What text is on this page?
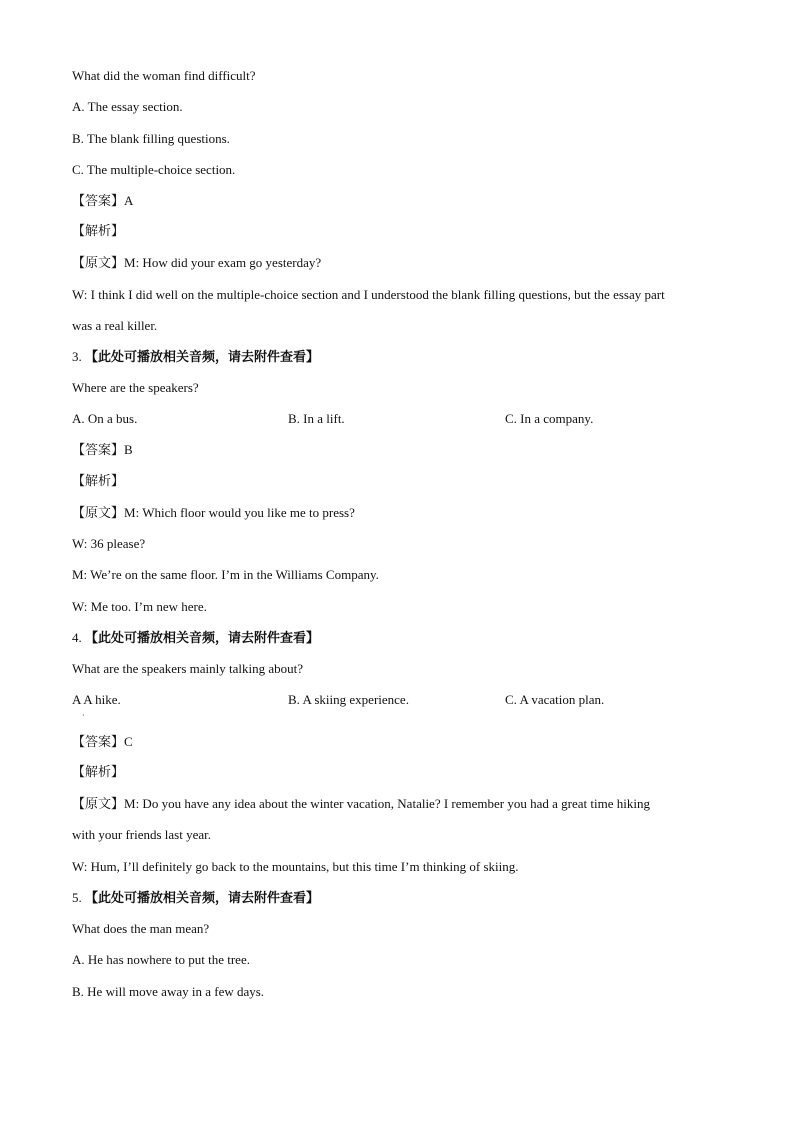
What did the woman find difficult?
A. The essay section.
B. The blank filling questions.
C. The multiple-choice section.
【答案】A
【解析】
【原文】M: How did your exam go yesterday?
W: I think I did well on the multiple-choice section and I understood the blank filling questions, but the essay part
was a real killer.
3. 【此处可播放相关音频，请去附件查看】
Where are the speakers?
A. On a bus.	B. In a lift.	C. In a company.
【答案】B
【解析】
【原文】M: Which floor would you like me to press?
W: 36 please?
M: We’re on the same floor. I’m in the Williams Company.
W: Me too. I’m new here.
4. 【此处可播放相关音频，请去附件查看】
What are the speakers mainly talking about?
A A hike.	B. A skiing experience.	C. A vacation plan.
·
【答案】C
【解析】
【原文】M: Do you have any idea about the winter vacation, Natalie? I remember you had a great time hiking
with your friends last year.
W: Hum, I’ll definitely go back to the mountains, but this time I’m thinking of skiing.
5. 【此处可播放相关音频，请去附件查看】
What does the man mean?
A. He has nowhere to put the tree.
B. He will move away in a few days.
